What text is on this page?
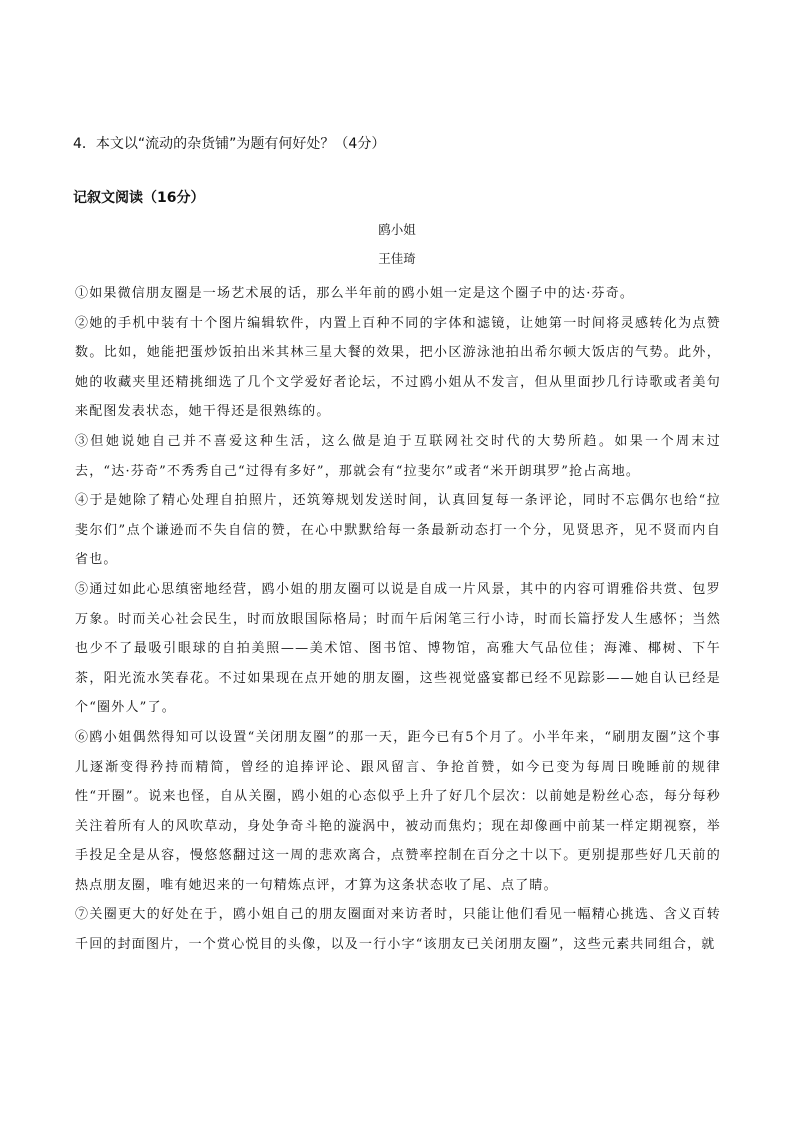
4．本文以“流动的杂货铺”为题有何好处？（4分）
记叙文阅读（16分）
鸥小姐
王佳琦

①如果微信朋友圈是一场艺术展的话，那么半年前的鸥小姐一定是这个圈子中的达·芬奇。

②她的手机中装有十个图片编辑软件，内置上百种不同的字体和滤镜，让她第一时间将灵感转化为点赞数。比如，她能把蛋炒饭拍出米其林三星大餐的效果，把小区游泳池拍出希尔顿大饭店的气势。此外，她的收藏夹里还精挑细选了几个文学爱好者论坛，不过鸥小姐从不发言，但从里面抄几行诗歌或者美句来配图发表状态，她干得还是很熟练的。

③但她说她自己并不喜爱这种生活，这么做是迫于互联网社交时代的大势所趋。如果一个周末过去，“达·芬奇”不秀秀自己“过得有多好”，那就会有“拉斐尔”或者“米开朗琪罗”抢占高地。

④于是她除了精心处理自拍照片，还筑筹规划发送时间，认真回复每一条评论，同时不忘偶尔也给“拉斐尔们”点个谦逊而不失自信的赞，在心中默默给每一条最新动态打一个分，见贤思齐，见不贤而内自省也。

⑤通过如此心思缜密地经营，鸥小姐的朋友圈可以说是自成一片风景，其中的内容可谓雅俗共赏、包罗万象。时而关心社会民生，时而放眼国际格局；时而午后闲笔三行小诗，时而长篇抒发人生感怀；当然也少不了最吸引眼球的自拍美照——美术馆、图书馆、博物馆，高雅大气品位佳；海滩、椰树、下午茶，阳光流水笑春花。不过如果现在点开她的朋友圈，这些视觉盛宴都已经不见踪影——她自认已经是个“圈外人”了。

⑥鸥小姐偶然得知可以设置“关闭朋友圈”的那一天，距今已有5个月了。小半年来，“刷朋友圈”这个事儿逐渐变得矜持而精简，曾经的追捧评论、跟风留言、争抢首赞，如今已变为每周日晚睡前的规律性“开圈”。说来也怪，自从关圈，鸥小姐的心态似乎上升了好几个层次：以前她是粉丝心态，每分每秒关注着所有人的风吹草动，身处争奇斗艳的漩涡中，被动而焦灼；现在却像画中前某一样定期视察，举手投足全是从容，慢悠悠翻过这一周的悲欢离合，点赞率控制在百分之十以下。更别提那些好几天前的热点朋友圈，唯有她迟来的一句精炼点评，才算为这条状态收了尾、点了睛。

⑦关圈更大的好处在于，鸥小姐自己的朋友圈面对来访者时，只能让他们看见一幅精心挑选、含义百转千回的封面图片，一个赏心悦目的头像，以及一行小字“该朋友已关闭朋友圈”，这些元素共同组合，就
